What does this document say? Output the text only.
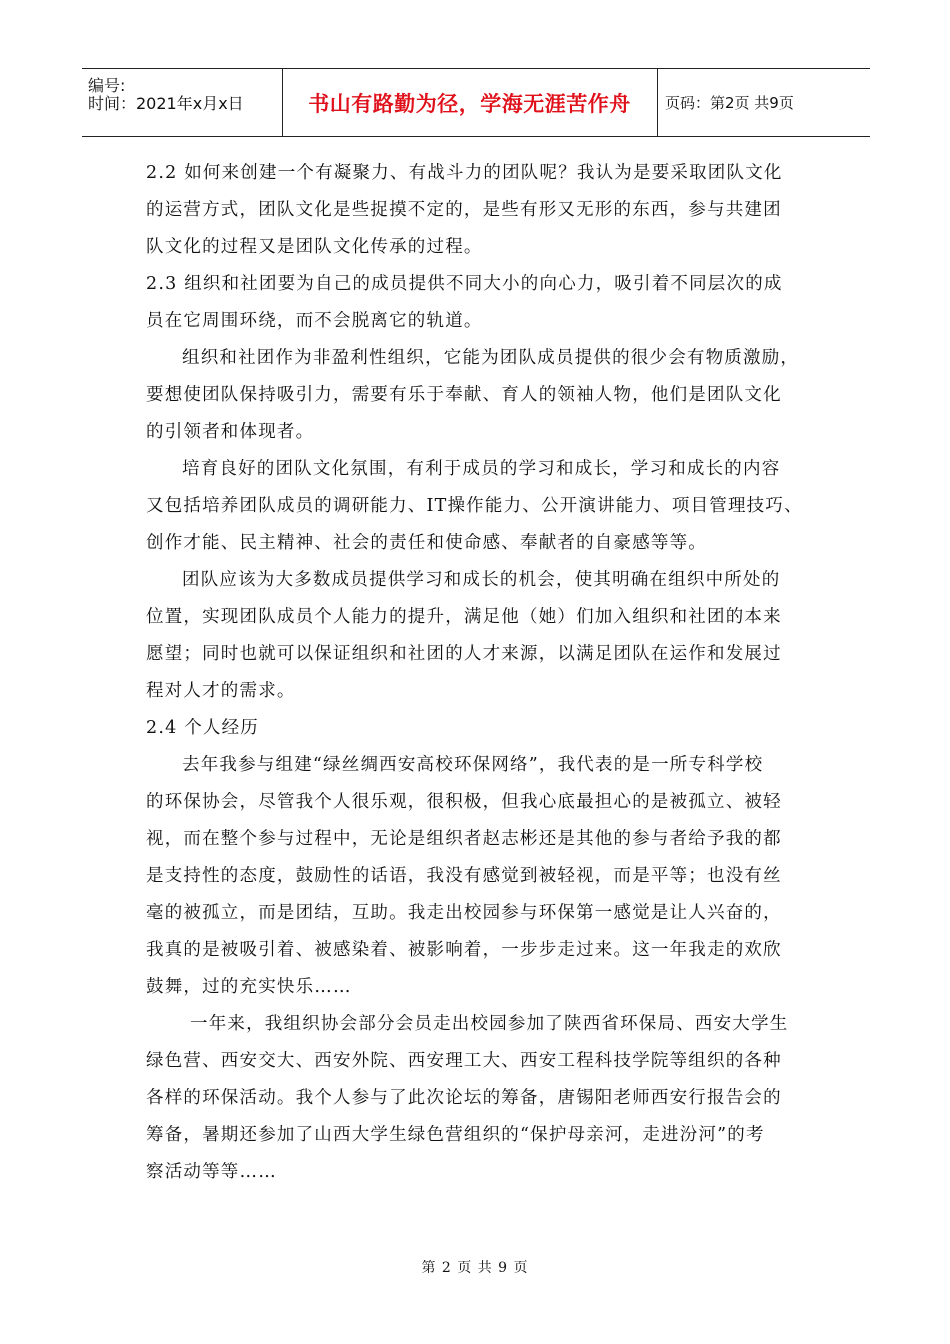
编号:
时间：2021年x月x日	书山有路勤为径，学海无涯苦作舟	页码：第2页 共9页
2.2 如何来创建一个有凝聚力、有战斗力的团队呢？我认为是要采取团队文化
的运营方式，团队文化是些捉摸不定的，是些有形又无形的东西，参与共建团
队文化的过程又是团队文化传承的过程。
2.3 组织和社团要为自己的成员提供不同大小的向心力，吸引着不同层次的成
员在它周围环绕，而不会脱离它的轨道。
组织和社团作为非盈利性组织，它能为团队成员提供的很少会有物质激励，
要想使团队保持吸引力，需要有乐于奉献、育人的领袖人物，他们是团队文化
的引领者和体现者。
培育良好的团队文化氛围，有利于成员的学习和成长，学习和成长的内容
又包括培养团队成员的调研能力、IT操作能力、公开演讲能力、项目管理技巧、
创作才能、民主精神、社会的责任和使命感、奉献者的自豪感等等。
团队应该为大多数成员提供学习和成长的机会，使其明确在组织中所处的
位置，实现团队成员个人能力的提升，满足他（她）们加入组织和社团的本来
愿望；同时也就可以保证组织和社团的人才来源，以满足团队在运作和发展过
程对人才的需求。
2.4 个人经历
去年我参与组建“绿丝绸西安高校环保网络”，我代表的是一所专科学校
的环保协会，尽管我个人很乐观，很积极，但我心底最担心的是被孤立、被轻
视，而在整个参与过程中，无论是组织者赵志彬还是其他的参与者给予我的都
是支持性的态度，鼓励性的话语，我没有感觉到被轻视，而是平等；也没有丝
毫的被孤立，而是团结，互助。我走出校园参与环保第一感觉是让人兴奋的，
我真的是被吸引着、被感染着、被影响着，一步步走过来。这一年我走的欢欣
鼓舞，过的充实快乐……
一年来，我组织协会部分会员走出校园参加了陕西省环保局、西安大学生
绿色营、西安交大、西安外院、西安理工大、西安工程科技学院等组织的各种
各样的环保活动。我个人参与了此次论坛的筹备，唐锡阳老师西安行报告会的
筹备，暑期还参加了山西大学生绿色营组织的“保护母亲河，走进汾河”的考
察活动等等……
第 2 页 共 9 页
